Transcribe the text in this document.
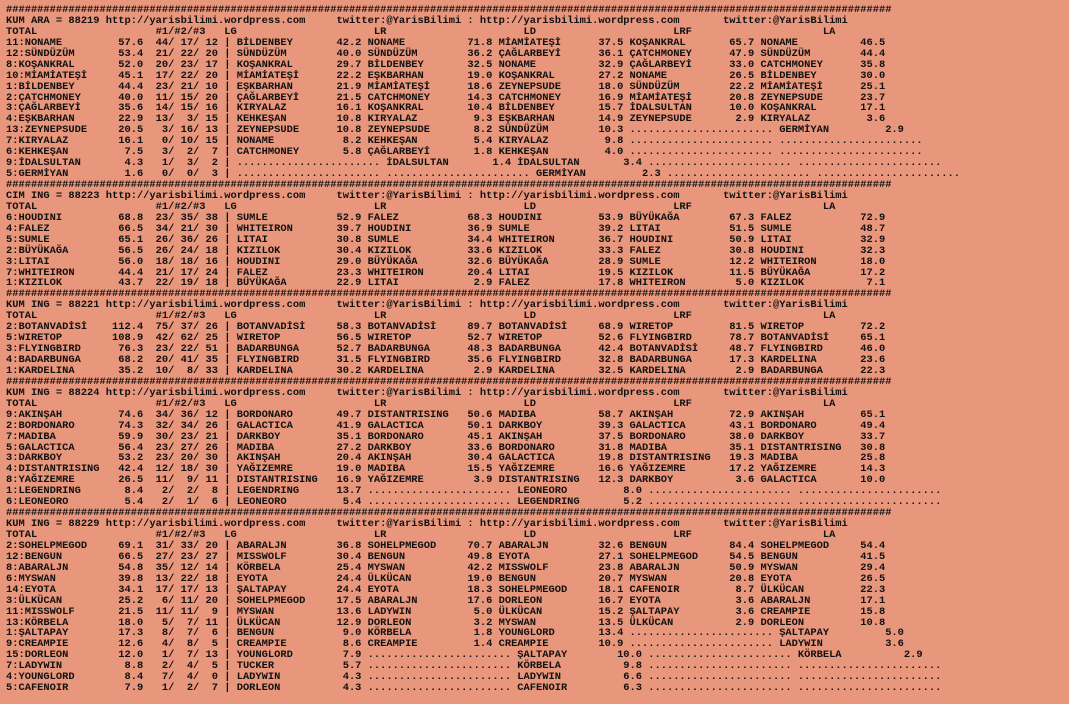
##############################################################################################################################################
KUM ARA = 88219 http://yarisbilimi.wordpress.com     twitter:@YarisBilimi : http://yarisbilimi.wordpress.com       twitter:@YarisBilimi
TOTAL                   #1/#2/#3   LG                      LR                      LD                      LRF                     LA
11:NONAME         57.6  44/ 17/ 12 | BİLDENBEY       42.2 NONAME          71.8 MİAMİATEŞİ      37.5 KOŞANKRAL       65.7 NONAME          46.5
12:SÜNDÜZÜM       53.4  21/ 22/ 20 | SÜNDÜZÜM        40.0 SÜNDÜZÜM        36.2 ÇAĞLARBEYİ      36.1 ÇATCHMONEY      47.9 SÜNDÜZÜM        44.4
8:KOŞANKRAL       52.0  20/ 23/ 17 | KOŞANKRAL       29.7 BİLDENBEY       32.5 NONAME          32.9 ÇAĞLARBEYİ      33.0 CATCHMONEY      35.8
10:MİAMİATEŞİ     45.1  17/ 22/ 20 | MİAMİATEŞİ      22.2 EŞKBARHAN       19.0 KOŞANKRAL       27.2 NONAME          26.5 BİLDENBEY       30.0
1:BİLDENBEY       44.4  23/ 21/ 10 | EŞKBARHAN       21.9 MİAMİATEŞİ      18.6 ZEYNEPSUDE      18.0 SÜNDÜZÜM        22.2 MİAMİATEŞİ      25.1
2:ÇATCHMONEY      40.0  11/ 15/ 20 | ÇAĞLARBEYİ      21.5 CATCHMONEY      14.3 CATCHMONEY      16.9 MİAMİATEŞİ      20.8 ZEYNEPSUDE      23.7
3:ÇAĞLARBEYİ      35.6  14/ 15/ 16 | KIRYALAZ        16.1 KOŞANKRAL       10.4 BİLDENBEY       15.7 İDALSULTAN      10.0 KOŞANKRAL       17.1
4:EŞKBARHAN       22.9  13/  3/ 15 | KEHKEŞAN        10.8 KIRYALAZ         9.3 EŞKBARHAN       14.9 ZEYNEPSUDE       2.9 KIRYALAZ         3.6
13:ZEYNEPSUDE     20.5   3/ 16/ 13 | ZEYNEPSUDE      10.8 ZEYNEPSUDE       8.2 SÜNDÜZÜM        10.3 ....................... GERMİYAN         2.9
7:KIRYALAZ        16.1   0/ 10/ 15 | NONAME           8.2 KEHKEŞAN         5.4 KIRYALAZ         9.8 ....................... .......................
6:KEHKEŞAN         7.5   3/  2/  7 | CATCHMONEY       5.8 ÇAĞLARBEYİ       1.8 KEHKEŞAN         4.0 ....................... .......................
9:İDALSULTAN       4.3   1/  3/  2 | ....................... İDALSULTAN       1.4 İDALSULTAN       3.4 ....................... .......................
5:GERMİYAN         1.6   0/  0/  3 | ....................... ....................... GERMİYAN         2.3 ....................... .......................
##############################################################################################################################################
CIM ING = 88223 http://yarisbilimi.wordpress.com     twitter:@YarisBilimi : http://yarisbilimi.wordpress.com       twitter:@YarisBilimi
TOTAL                   #1/#2/#3   LG                      LR                      LD                      LRF                     LA
6:HOUDINI         68.8  23/ 35/ 38 | SUMLE           52.9 FALEZ           68.3 HOUDINI         53.9 BÜYÜKAĞA        67.3 FALEZ           72.9
4:FALEZ           66.5  34/ 21/ 30 | WHITEIRON       39.7 HOUDINI         36.9 SUMLE           39.2 LITAI           51.5 SUMLE           48.7
5:SUMLE           65.1  26/ 36/ 26 | LITAI           30.8 SUMLE           34.4 WHITEIRON       36.7 HOUDINI         50.9 LITAI           32.9
2:BÜYÜKAĞA        56.5  26/ 24/ 18 | KIZILOK         30.4 KIZILOK         33.6 KIZILOK         33.3 FALEZ           30.8 HOUDINI         32.3
3:LITAI           56.0  18/ 18/ 16 | HOUDINI         29.0 BÜYÜKAĞA        32.6 BÜYÜKAĞA        28.9 SUMLE           12.2 WHITEIRON       18.0
7:WHITEIRON       44.4  21/ 17/ 24 | FALEZ           23.3 WHITEIRON       20.4 LITAI           19.5 KIZILOK         11.5 BÜYÜKAĞA        17.2
1:KIZILOK         43.7  22/ 19/ 18 | BÜYÜKAĞA        22.9 LITAI            2.9 FALEZ           17.8 WHITEIRON        5.0 KIZILOK          7.1
##############################################################################################################################################
KUM ING = 88221 http://yarisbilimi.wordpress.com     twitter:@YarisBilimi : http://yarisbilimi.wordpress.com       twitter:@YarisBilimi
TOTAL                   #1/#2/#3   LG                      LR                      LD                      LRF                     LA
2:BOTANVADİSİ    112.4  75/ 37/ 26 | BOTANVADİSİ     58.3 BOTANVADİSİ     89.7 BOTANVADİSİ     68.9 WIRETOP         81.5 WIRETOP         72.2
5:WIRETOP        108.9  42/ 62/ 25 | WIRETOP         56.5 WIRETOP         52.7 WIRETOP         52.6 FLYINGBIRD      78.7 BOTANVADİSİ     65.1
3:FLYINGBIRD      76.3  23/ 22/ 51 | BADARBUNGA      52.7 BADARBUNGA      48.3 BADARBUNGA      42.4 BOTANVADİSİ     48.7 FLYINGBIRD      46.0
4:BADARBUNGA      68.2  20/ 41/ 35 | FLYINGBIRD      31.5 FLYINGBIRD      35.6 FLYINGBIRD      32.8 BADARBUNGA      17.3 KARDELINA       23.6
1:KARDELINA       35.2  10/  8/ 33 | KARDELINA       30.2 KARDELINA        2.9 KARDELINA       32.5 KARDELINA        2.9 BADARBUNGA      22.3
##############################################################################################################################################
KUM ING = 88224 http://yarisbilimi.wordpress.com     twitter:@YarisBilimi : http://yarisbilimi.wordpress.com       twitter:@YarisBilimi
TOTAL                   #1/#2/#3   LG                      LR                      LD                      LRF                     LA
9:AKINŞAH         74.6  34/ 36/ 12 | BORDONARO       49.7 DISTANTRISING   50.6 MADIBA          58.7 AKINŞAH         72.9 AKINŞAH         65.1
2:BORDONARO       74.3  32/ 34/ 26 | GALACTICA       41.9 GALACTICA       50.1 DARKBOY         39.3 GALACTICA       43.1 BORDONARO       49.4
7:MADIBA          59.9  30/ 23/ 21 | DARKBOY         35.1 BORDONARO       45.1 AKINŞAH         37.5 BORDONARO       38.0 DARKBOY         33.7
5:GALACTICA       56.4  23/ 27/ 26 | MADIBA          27.2 DARKBOY         33.6 BORDONARO       31.8 MADIBA          35.1 DISTANTRISING   30.8
3:DARKBOY         53.2  23/ 20/ 30 | AKINŞAH         20.4 AKINŞAH         30.4 GALACTICA       19.8 DISTANTRISING   19.3 MADIBA          25.8
4:DISTANTRISING   42.4  12/ 18/ 30 | YAĞIZEMRE       19.0 MADIBA          15.5 YAĞIZEMRE       16.6 YAĞIZEMRE       17.2 YAĞIZEMRE       14.3
8:YAĞIZEMRE       26.5  11/  9/ 11 | DISTANTRISING   16.9 YAĞIZEMRE        3.9 DISTANTRISING   12.3 DARKBOY          3.6 GALACTICA       10.0
1:LEGENDRING       8.4   2/  2/  8 | LEGENDRING      13.7 ....................... LEONEORO         8.0 ....................... .......................
6:LEONEORO         5.4   2/  1/  6 | LEONEORO         5.4 ....................... LEGENDRING       5.2 ....................... .......................
##############################################################################################################################################
KUM ING = 88229 http://yarisbilimi.wordpress.com     twitter:@YarisBilimi : http://yarisbilimi.wordpress.com       twitter:@YarisBilimi
TOTAL                   #1/#2/#3   LG                      LR                      LD                      LRF                     LA
2:SOHELPMEGOD     69.1  31/ 33/ 20 | ABARALJN        36.8 SOHELPMEGOD     70.7 ABARALJN        32.6 BENGUN          84.4 SOHELPMEGOD     54.4
12:BENGUN         66.5  27/ 23/ 27 | MISSWOLF        30.4 BENGUN          49.8 EYOTA           27.1 SOHELPMEGOD     54.5 BENGUN          41.5
8:ABARALJN        54.8  35/ 12/ 14 | KÖRBELA         25.4 MYSWAN          42.2 MISSWOLF        23.8 ABARALJN        50.9 MYSWAN          29.4
6:MYSWAN          39.8  13/ 22/ 18 | EYOTA           24.4 ÜLKÜCAN         19.0 BENGUN          20.7 MYSWAN          20.8 EYOTA           26.5
14:EYOTA          34.1  17/ 17/ 13 | ŞALTAPAY        24.4 EYOTA           18.3 SOHELPMEGOD     18.1 CAFENOIR         8.7 ÜLKÜCAN         22.3
3:ÜLKÜCAN         25.2   6/ 11/ 20 | SOHELPMEGOD     17.5 ABARALJN        17.6 DORLEON         16.7 EYOTA            3.6 ABARALJN        17.1
11:MISSWOLF       21.5  11/ 11/  9 | MYSWAN          13.6 LADYWIN          5.0 ÜLKÜCAN         15.2 ŞALTAPAY         3.6 CREAMPIE        15.8
13:KÖRBELA        18.0   5/  7/ 11 | ÜLKÜCAN         12.9 DORLEON          3.2 MYSWAN          13.5 ÜLKÜCAN          2.9 DORLEON         10.8
1:ŞALTAPAY        17.3   8/  7/  6 | BENGUN           9.0 KÖRBELA          1.8 YOUNGLORD       13.4 ....................... ŞALTAPAY         5.0
9:CREAMPIE        12.6   4/  8/  5 | CREAMPIE         8.6 CREAMPIE         1.4 CREAMPIE        10.9 ....................... LADYWIN          3.6
15:DORLEON        12.0   1/  7/ 13 | YOUNGLORD        7.9 ....................... ŞALTAPAY        10.0 ....................... KÖRBELA          2.9
7:LADYWIN          8.8   2/  4/  5 | TUCKER           5.7 ....................... KÖRBELA          9.8 ....................... .......................
4:YOUNGLORD        8.4   7/  4/  0 | LADYWIN          4.3 ....................... LADYWIN          6.6 ....................... .......................
5:CAFENOIR         7.9   1/  2/  7 | DORLEON          4.3 ....................... CAFENOIR         6.3 ....................... .......................
